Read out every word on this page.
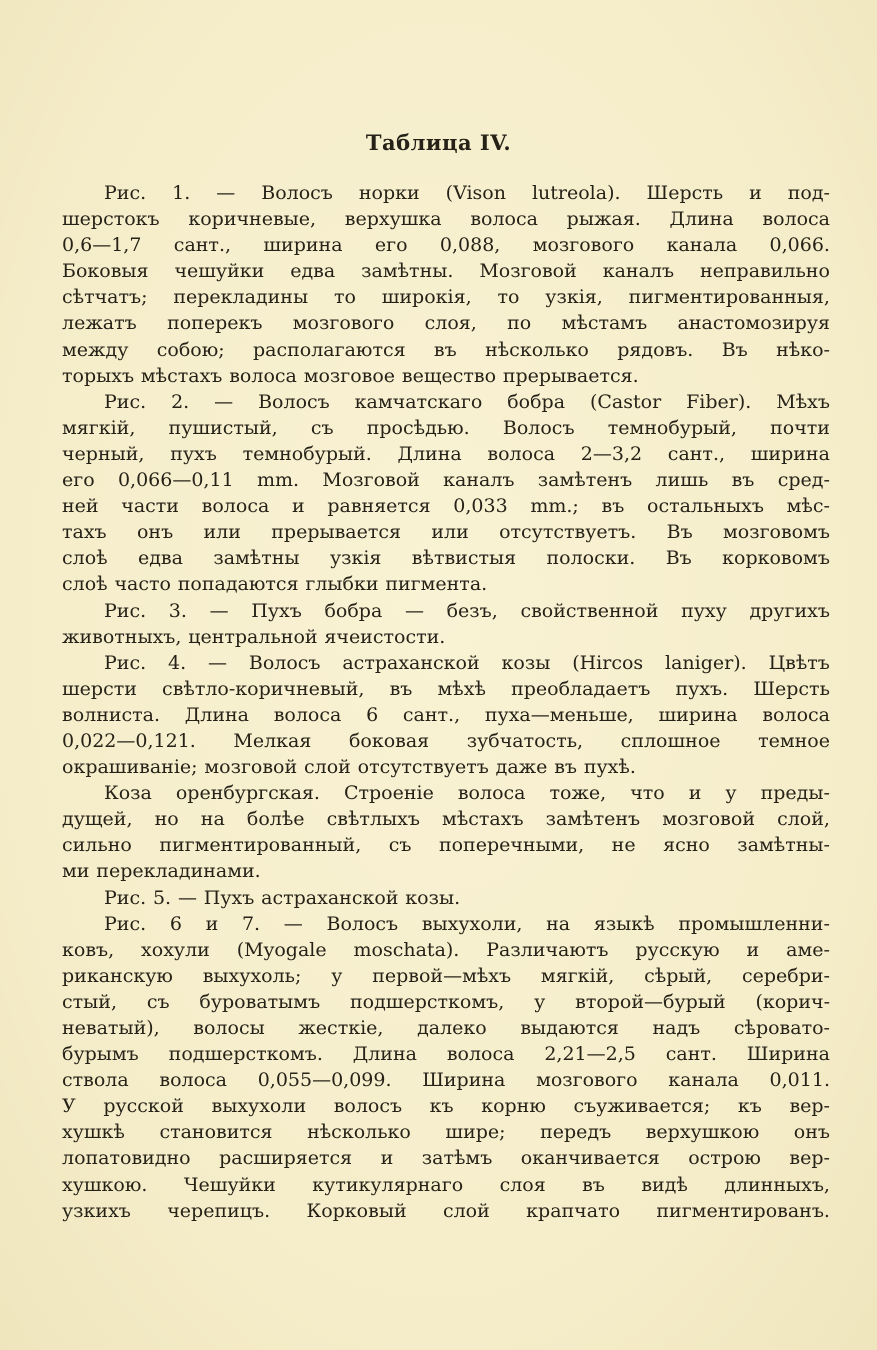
Таблица IV.
Рис. 1. — Волосъ норки (Vison lutreola). Шерсть и под-
шерстокъ коричневые, верхушка волоса рыжая. Длина волоса
0,6—1,7 сант., ширина его 0,088, мозгового канала 0,066.
Боковыя чешуйки едва замѣтны. Мозговой каналъ неправильно
сѣтчатъ; перекладины то широкія, то узкія, пигментированныя,
лежатъ поперекъ мозгового слоя, по мѣстамъ анастомозируя
между собою; располагаются въ нѣсколько рядовъ. Въ нѣко-
торыхъ мѣстахъ волоса мозговое вещество прерывается.
Рис. 2. — Волосъ камчатскаго бобра (Castor Fiber). Мѣхъ
мягкій, пушистый, съ просѣдью. Волосъ темнобурый, почти
черный, пухъ темнобурый. Длина волоса 2—3,2 сант., ширина
его 0,066—0,11 mm. Мозговой каналъ замѣтенъ лишь въ сред-
ней части волоса и равняется 0,033 mm.; въ остальныхъ мѣс-
тахъ онъ или прерывается или отсутствуетъ. Въ мозговомъ
слоѣ едва замѣтны узкія вѣтвистыя полоски. Въ корковомъ
слоѣ часто попадаются глыбки пигмента.
Рис. 3. — Пухъ бобра — безъ, свойственной пуху другихъ
животныхъ, центральной ячеистости.
Рис. 4. — Волосъ астраханской козы (Hircos laniger). Цвѣтъ
шерсти свѣтло-коричневый, въ мѣхѣ преобладаетъ пухъ. Шерсть
волниста. Длина волоса 6 сант., пуха—меньше, ширина волоса
0,022—0,121. Мелкая боковая зубчатость, сплошное темное
окрашиваніе; мозговой слой отсутствуетъ даже въ пухѣ.
Коза оренбургская. Строеніе волоса тоже, что и у преды-
дущей, но на болѣе свѣтлыхъ мѣстахъ замѣтенъ мозговой слой,
сильно пигментированный, съ поперечными, не ясно замѣтны-
ми перекладинами.
Рис. 5. — Пухъ астраханской козы.
Рис. 6 и 7. — Волосъ выхухоли, на языкѣ промышленни-
ковъ, хохули (Myogale moschata). Различаютъ русскую и аме-
риканскую выхухоль; у первой—мѣхъ мягкій, сѣрый, серебри-
стый, съ буроватымъ подшерсткомъ, у второй—бурый (корич-
неватый), волосы жесткіе, далеко выдаются надъ сѣровато-
бурымъ подшерсткомъ. Длина волоса 2,21—2,5 сант. Ширина
ствола волоса 0,055—0,099. Ширина мозгового канала 0,011.
У русской выхухоли волосъ къ корню съуживается; къ вер-
хушкѣ становится нѣсколько шире; передъ верхушкою онъ
лопатовидно расширяется и затѣмъ оканчивается острою вер-
хушкою. Чешуйки кутикулярнаго слоя въ видѣ длинныхъ,
узкихъ черепицъ. Корковый слой крапчато пигментированъ.
